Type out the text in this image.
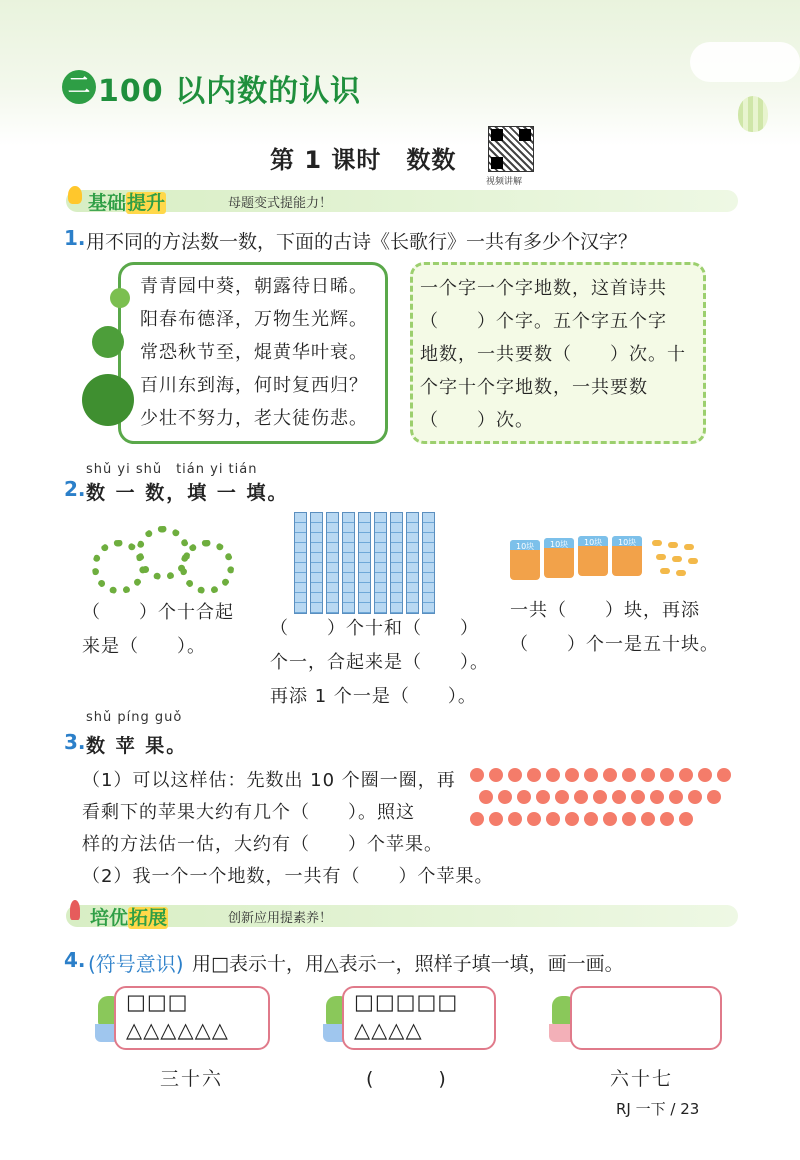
二 100 以内数的认识
第 1 课时　数数
视频讲解
基础提升	母题变式提能力！
1. 用不同的方法数一数，下面的古诗《长歌行》一共有多少个汉字？
青青园中葵，朝露待日晞。
阳春布德泽，万物生光辉。
常恐秋节至，焜黄华叶衰。
百川东到海，何时复西归？
少壮不努力，老大徒伤悲。
一个字一个字地数，这首诗共
（　　）个字。五个字五个字
地数，一共要数（　　）次。十
个字十个字地数，一共要数
（　　）次。
shǔ yi shǔ　tián yi tián
2. 数 一 数，填 一 填。
（　　）个十合起
来是（　　）。
（　　）个十和（　　）
个一，合起来是（　　）。
再添 1 个一是（　　）。
10块 10块 10块 10块
一共（　　）块，再添
（　　）个一是五十块。
shǔ píng guǒ
3. 数 苹 果。
（1）可以这样估：先数出 10 个圈一圈，再
看剩下的苹果大约有几个（　　）。照这
样的方法估一估，大约有（　　）个苹果。
（2）我一个一个地数，一共有（　　）个苹果。
培优拓展	创新应用提素养！
4. (符号意识) 用□表示十，用△表示一，照样子填一填，画一画。
□□□
△△△△△△
三十六
□□□□□
△△△△
(　　　)	六十七
RJ 一下 / 23
